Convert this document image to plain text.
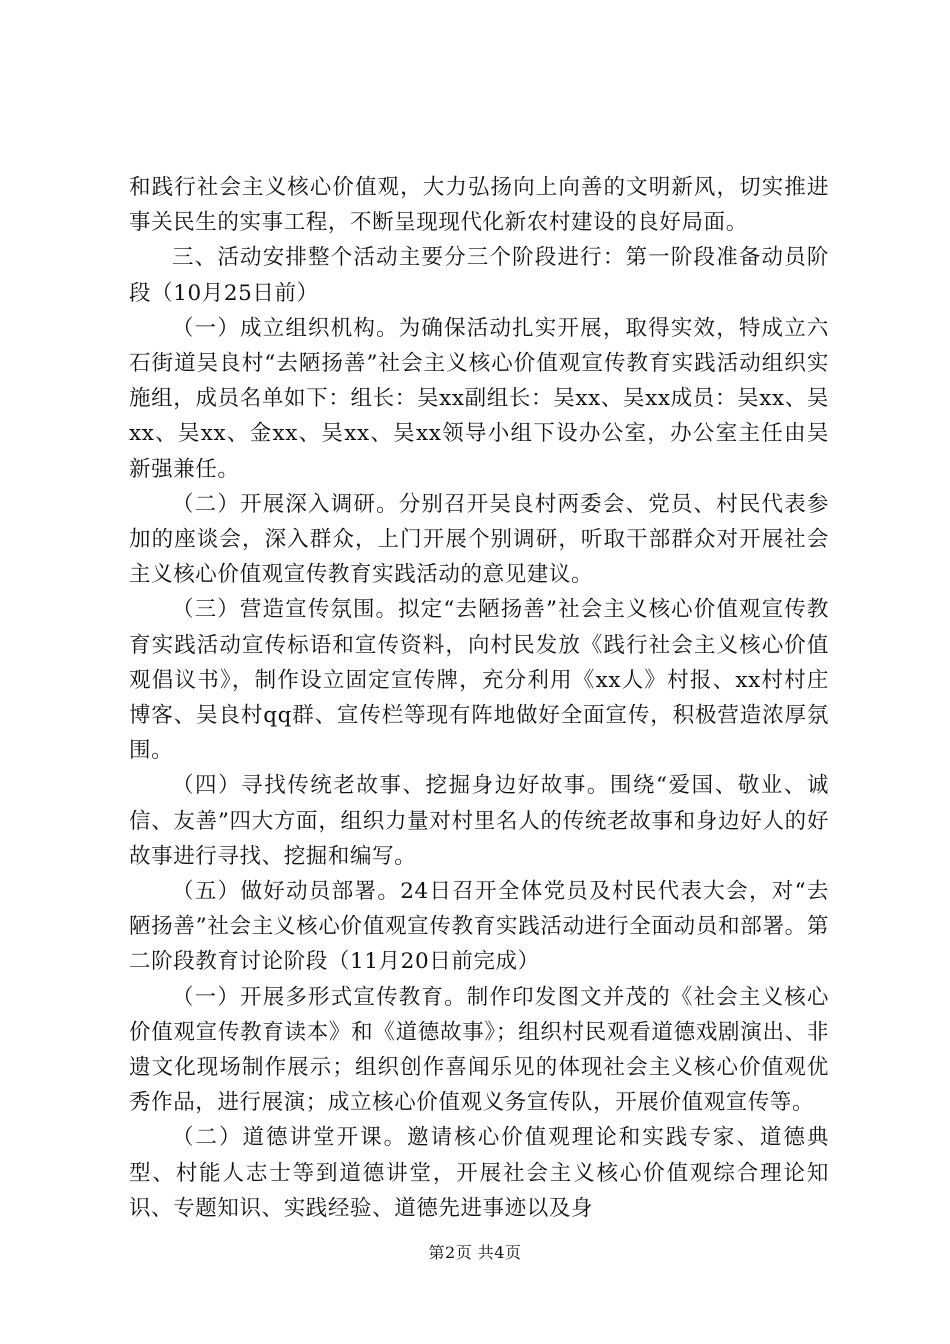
和践行社会主义核心价值观，大力弘扬向上向善的文明新风，切实推进事关民生的实事工程，不断呈现现代化新农村建设的良好局面。

三、活动安排整个活动主要分三个阶段进行：第一阶段准备动员阶段（10月25日前）

（一）成立组织机构。为确保活动扎实开展，取得实效，特成立六石街道吴良村“去陋扬善”社会主义核心价值观宣传教育实践活动组织实施组，成员名单如下：组长：吴xx副组长：吴xx、吴xx成员：吴xx、吴xx、吴xx、金xx、吴xx、吴xx领导小组下设办公室，办公室主任由吴新强兼任。

（二）开展深入调研。分别召开吴良村两委会、党员、村民代表参加的座谈会，深入群众，上门开展个别调研，听取干部群众对开展社会主义核心价值观宣传教育实践活动的意见建议。

（三）营造宣传氛围。拟定“去陋扬善”社会主义核心价值观宣传教育实践活动宣传标语和宣传资料，向村民发放《践行社会主义核心价值观倡议书》，制作设立固定宣传牌，充分利用《xx人》村报、xx村村庄博客、吴良村qq群、宣传栏等现有阵地做好全面宣传，积极营造浓厚氛围。

（四）寻找传统老故事、挖掘身边好故事。围绕“爱国、敬业、诚信、友善”四大方面，组织力量对村里名人的传统老故事和身边好人的好故事进行寻找、挖掘和编写。

（五）做好动员部署。24日召开全体党员及村民代表大会，对“去陋扬善”社会主义核心价值观宣传教育实践活动进行全面动员和部署。第二阶段教育讨论阶段（11月20日前完成）

（一）开展多形式宣传教育。制作印发图文并茂的《社会主义核心价值观宣传教育读本》和《道德故事》；组织村民观看道德戏剧演出、非遗文化现场制作展示；组织创作喜闻乐见的体现社会主义核心价值观优秀作品，进行展演；成立核心价值观义务宣传队，开展价值观宣传等。

（二）道德讲堂开课。邀请核心价值观理论和实践专家、道德典型、村能人志士等到道德讲堂，开展社会主义核心价值观综合理论知识、专题知识、实践经验、道德先进事迹以及身

第2页 共4页
